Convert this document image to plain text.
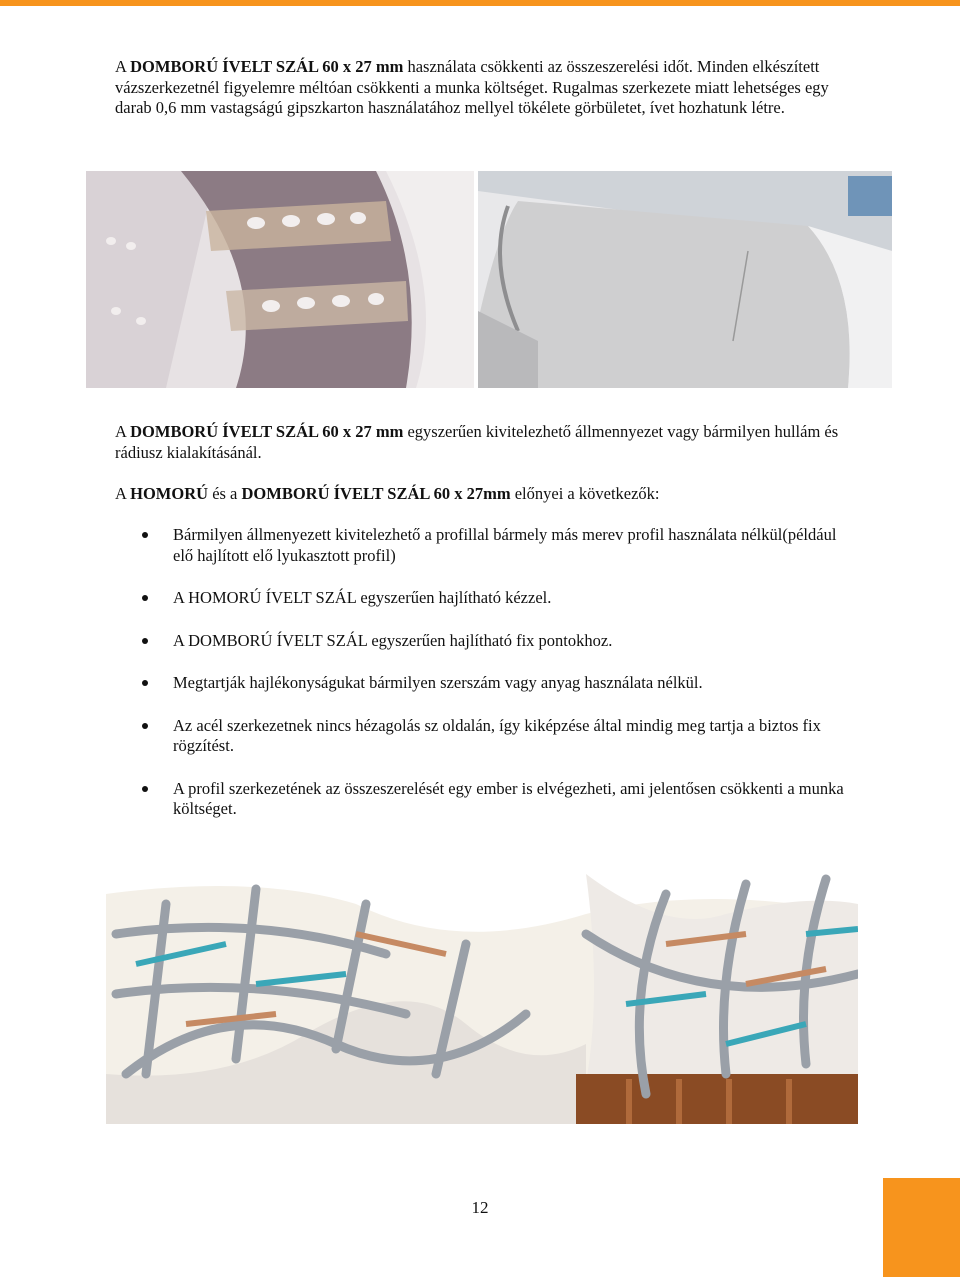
A DOMBORÚ ÍVELT SZÁL 60 x 27 mm használata csökkenti az összeszerelési időt. Minden elkészített vázszerkezetnél figyelemre méltóan csökkenti a munka költséget. Rugalmas szerkezete miatt lehetséges egy darab 0,6 mm vastagságú gipszkarton használatához mellyel tökélete görbületet, ívet hozhatunk létre.

A DOMBORÚ ÍVELT SZÁL 60 x 27 mm egyszerűen kivitelezhető állmennyezet vagy bármilyen hullám és rádiusz kialakításánál.

A HOMORÚ és a DOMBORÚ ÍVELT SZÁL 60 x 27mm előnyei a következők:

Bármilyen állmenyezett kivitelezhető a profillal bármely más merev profil használata nélkül(például elő hajlított elő lyukasztott profil)
A HOMORÚ ÍVELT SZÁL egyszerűen hajlítható kézzel.
A DOMBORÚ ÍVELT SZÁL egyszerűen hajlítható fix pontokhoz.
Megtartják hajlékonyságukat bármilyen szerszám vagy anyag használata nélkül.
Az acél szerkezetnek nincs hézagolás sz oldalán, így kiképzése által mindig meg tartja a biztos fix rögzítést.
A profil szerkezetének az összeszerelését egy ember is elvégezheti, ami jelentősen csökkenti a munka költséget.
12
